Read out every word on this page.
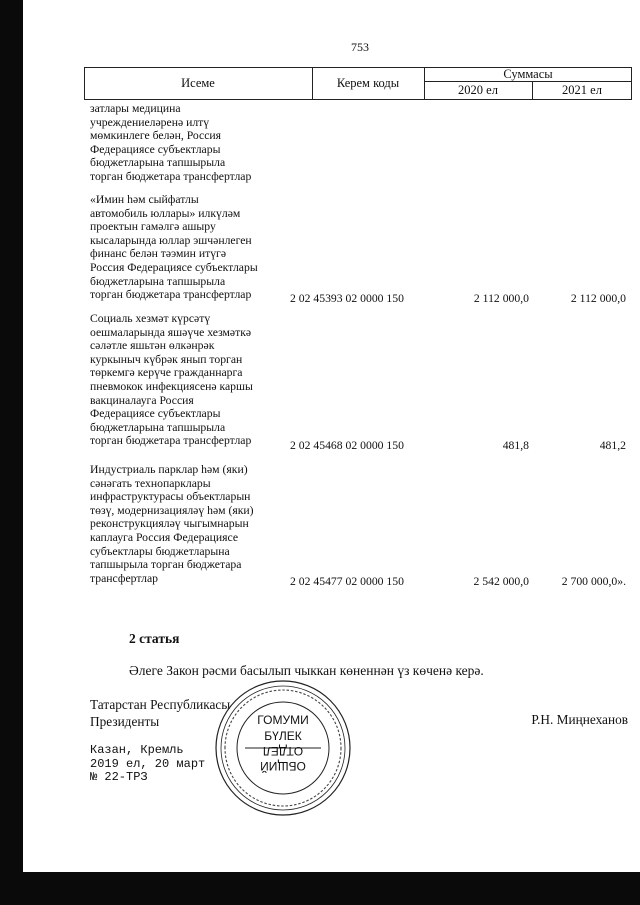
753
Исеме	Керем коды
Суммасы
2020 ел	2021 ел
затлары медицина
учреждениеләренә илтү
мөмкинлеге белән, Россия
Федерациясе субъектлары
бюджетларына тапшырыла
торган бюджетара трансфертлар
«Имин һәм сыйфатлы
автомобиль юллары» илкүләм
проектын гамәлгә ашыру
кысаларында юллар эшчәнлеген
финанс белән тәэмин итүгә
Россия Федерациясе субъектлары
бюджетларына тапшырыла
торган бюджетара трансфертлар	2 02 45393 02 0000 150	2 112 000,0	2 112 000,0
Социаль хезмәт күрсәтү
оешмаларында яшәүче хезмәткә
сәләтле яшьтән өлкәнрәк
куркыныч күбрәк янып торган
төркемгә керүче гражданнарга
пневмокок инфекциясенә каршы
вакциналауга Россия
Федерациясе субъектлары
бюджетларына тапшырыла
торган бюджетара трансфертлар	2 02 45468 02 0000 150	481,8	481,2
Индустриаль парклар һәм (яки)
сәнәгать технопарклары
инфраструктурасы объектларын
төзү, модернизацияләү һәм (яки)
реконструкцияләү чыгымнарын
каплауга Россия Федерациясе
субъектлары бюджетларына
тапшырыла торган бюджетара
трансфертлар	2 02 45477 02 0000 150	2 542 000,0	2 700 000,0».
2 статья
Әлеге Закон рәсми басылып чыккан көненнән үз көченә керә.
Татарстан Республикасы
Президенты	Р.Н. Миңнеханов
Казан, Кремль
2019 ел, 20 март
№ 22-ТРЗ
ГОМУМИ
БҮЛЕК
ОБЩИЙ
ОТДЕЛ
